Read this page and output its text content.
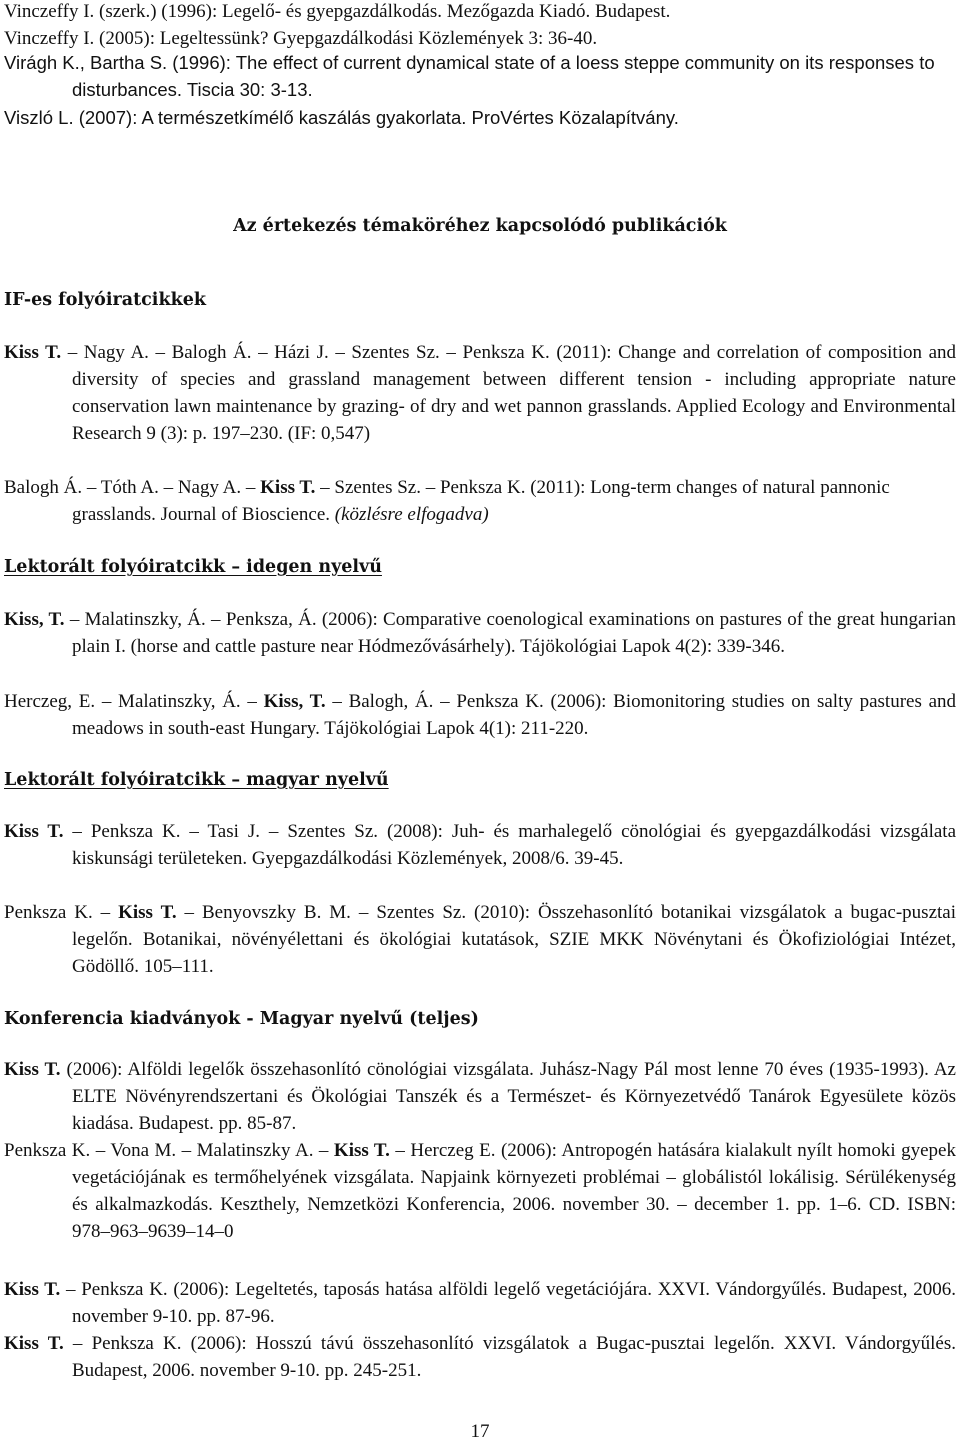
Vinczeffy I. (szerk.) (1996): Legelő- és gyepgazdálkodás. Mezőgazda Kiadó. Budapest.
Vinczeffy I. (2005): Legeltessünk? Gyepgazdálkodási Közlemények 3: 36-40.
Virágh K., Bartha S. (1996): The effect of current dynamical state of a loess steppe community on its responses to disturbances. Tiscia 30: 3-13.
Viszló L. (2007): A természetkímélő kaszálás gyakorlata. ProVértes Közalapítvány.
Az értekezés témaköréhez kapcsolódó publikációk
IF-es folyóiratcikkek
Kiss T. – Nagy A. – Balogh Á. – Házi J. – Szentes Sz. – Penksza K. (2011): Change and correlation of composition and diversity of species and grassland management between different tension - including appropriate nature conservation lawn maintenance by grazing- of dry and wet pannon grasslands. Applied Ecology and Environmental Research 9 (3): p. 197–230. (IF: 0,547)
Balogh Á. – Tóth A. – Nagy A. – Kiss T. – Szentes Sz. – Penksza K. (2011): Long-term changes of natural pannonic grasslands. Journal of Bioscience. (közlésre elfogadva)
Lektorált folyóiratcikk – idegen nyelvű
Kiss, T. – Malatinszky, Á. – Penksza, Á. (2006): Comparative coenological examinations on pastures of the great hungarian plain I. (horse and cattle pasture near Hódmezővásárhely). Tájökológiai Lapok 4(2): 339-346.
Herczeg, E. – Malatinszky, Á. – Kiss, T. – Balogh, Á. – Penksza K. (2006): Biomonitoring studies on salty pastures and meadows in south-east Hungary. Tájökológiai Lapok 4(1): 211-220.
Lektorált folyóiratcikk – magyar nyelvű
Kiss T. – Penksza K. – Tasi J. – Szentes Sz. (2008): Juh- és marhalegelő cönológiai és gyepgazdálkodási vizsgálata kiskunsági területeken. Gyepgazdálkodási Közlemények, 2008/6. 39-45.
Penksza K. – Kiss T. – Benyovszky B. M. – Szentes Sz. (2010): Összehasonlító botanikai vizsgálatok a bugac-pusztai legelőn. Botanikai, növényélettani és ökológiai kutatások, SZIE MKK Növénytani és Ökofiziológiai Intézet, Gödöllő. 105–111.
Konferencia kiadványok - Magyar nyelvű (teljes)
Kiss T. (2006): Alföldi legelők összehasonlító cönológiai vizsgálata. Juhász-Nagy Pál most lenne 70 éves (1935-1993). Az ELTE Növényrendszertani és Ökológiai Tanszék és a Természet- és Környezetvédő Tanárok Egyesülete közös kiadása. Budapest. pp. 85-87.
Penksza K. – Vona M. – Malatinszky A. – Kiss T. – Herczeg E. (2006): Antropogén hatására kialakult nyílt homoki gyepek vegetációjának es termőhelyének vizsgálata. Napjaink környezeti problémai – globálistól lokálisig. Sérülékenység és alkalmazkodás. Keszthely, Nemzetközi Konferencia, 2006. november 30. – december 1. pp. 1–6. CD. ISBN: 978–963–9639–14–0
Kiss T. – Penksza K. (2006): Legeltetés, taposás hatása alföldi legelő vegetációjára. XXVI. Vándorgyűlés. Budapest, 2006. november 9-10. pp. 87-96.
Kiss T. – Penksza K. (2006): Hosszú távú összehasonlító vizsgálatok a Bugac-pusztai legelőn. XXVI. Vándorgyűlés. Budapest, 2006. november 9-10. pp. 245-251.
17
